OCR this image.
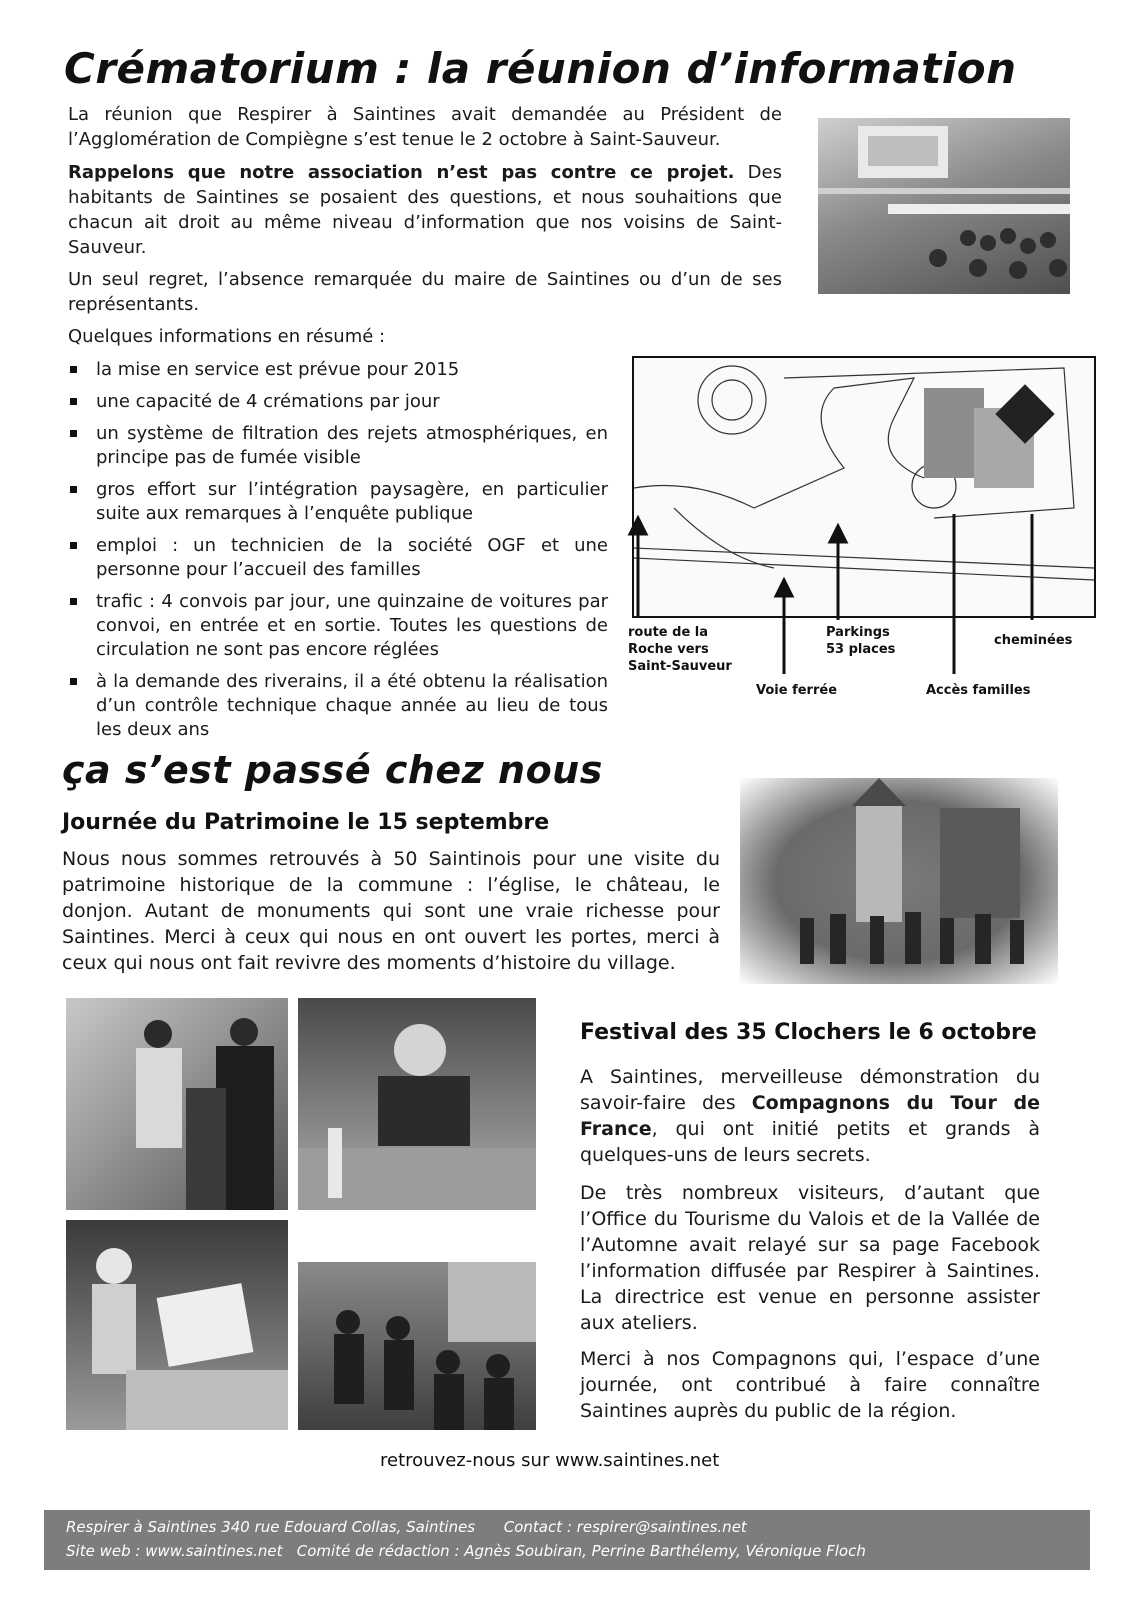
Crématorium : la réunion d’information

La réunion que Respirer à Saintines avait demandée au Président de l’Agglomération de Compiègne s’est tenue le 2 octobre à Saint-Sauveur.

Rappelons que notre association n’est pas contre ce projet. Des habitants de Saintines se posaient des questions, et nous souhaitions que chacun ait droit au même niveau d’information que nos voisins de Saint-Sauveur.

Un seul regret, l’absence remarquée du maire de Saintines ou d’un de ses représentants.

Quelques informations en résumé :

la mise en service est prévue pour 2015
une capacité de 4 crémations par jour
un système de filtration des rejets atmosphériques, en principe pas de fumée visible
gros effort sur l’intégration paysagère, en particulier suite aux remarques à l’enquête publique
emploi : un technicien de la société OGF et une personne pour l’accueil des familles
trafic : 4 convois par jour, une quinzaine de voitures par convoi, en entrée et en sortie. Toutes les questions de circulation ne sont pas encore réglées
à la demande des riverains, il a été obtenu la réalisation d’un contrôle technique chaque année au lieu de tous les deux ans
route de la Roche vers Saint-Sauveur
Parkings 53 places
cheminées
Voie ferrée	Accès familles
ça s’est passé chez nous
Journée du Patrimoine le 15 septembre

Nous nous sommes retrouvés à 50 Saintinois pour une visite du patrimoine historique de la commune : l’église, le château, le donjon. Autant de monuments qui sont une vraie richesse pour Saintines. Merci à ceux qui nous en ont ouvert les portes, merci à ceux qui nous ont fait revivre des moments d’histoire du village.

Festival des 35 Clochers le 6 octobre

A Saintines, merveilleuse démonstration du savoir-faire des Compagnons du Tour de France, qui ont initié petits et grands à quelques-uns de leurs secrets.

De très nombreux visiteurs, d’autant que l’Office du Tourisme du Valois et de la Vallée de l’Automne avait relayé sur sa page Facebook l’information diffusée par Respirer à Saintines. La directrice est venue en personne assister aux ateliers.

Merci à nos Compagnons qui, l’espace d’une journée, ont contribué à faire connaître Saintines auprès du public de la région.

retrouvez-nous sur www.saintines.net
Respirer à Saintines 340 rue Edouard Collas, Saintines      Contact : respirer@saintines.net
Site web : www.saintines.net   Comité de rédaction : Agnès Soubiran, Perrine Barthélemy, Véronique Floch
